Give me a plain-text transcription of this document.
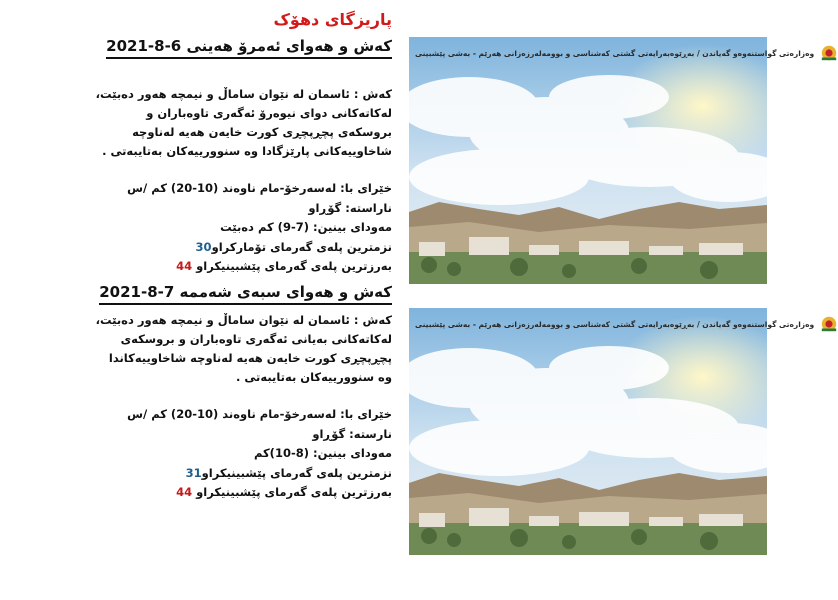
پاریزگای دهۆک
کەش و هەوای ئەمرۆ هەینی 6-8-2021
کەش : ئاسمان لە نێوان ساماڵ و نیمچە هەور دەبێت، لەکاتەکانی دوای نیوەرۆ ئەگەری تاوەباران و بروسکەی پچڕپچڕی کورت خایەن هەیە لەناوچە شاخاوییەکانی پارێزگادا وە سنوورییەکان بەتایبەتی .
خێرای با: لەسەرخۆ-مام ناوەند (10-20) کم /س
ناراستە: گۆڕاو
مەودای بینین: (7-9) کم دەبێت
نزمترین پلەی گەرمای تۆمارکراو30
بەرزترین پلەی گەرمای پێشبینیکراو 44
کەش و هەوای سبەی شەممە 7-8-2021
کەش : ئاسمان لە نێوان ساماڵ و نیمچە هەور دەبێت، لەکاتەکانی بەیانی ئەگەری تاوەباران و بروسکەی پچڕپچڕی کورت خایەن هەیە لەناوچە شاخاوییەکاندا وە سنوورییەکان بەتایبەتی .
خێرای با: لەسەرخۆ-مام ناوەند (10-20) کم /س
نارستە: گۆڕاو
مەودای بینین: (8-10)کم
نزمترین پلەی گەرمای پێشبینیکراو31
بەرزترین پلەی گەرمای پێشبینیکراو 44
وەزارەتی گواستنەوەو گەیاندن / بەڕێوەبەرایەتی گشتی کەشناسی و بوومەلەرزەزانی هەرێم - بەشی پێشبینی
وەزارەتی گواستنەوەو گەیاندن / بەڕێوەبەرایەتی گشتی کەشناسی و بوومەلەرزەزانی هەرێم - بەشی پێشبینی
